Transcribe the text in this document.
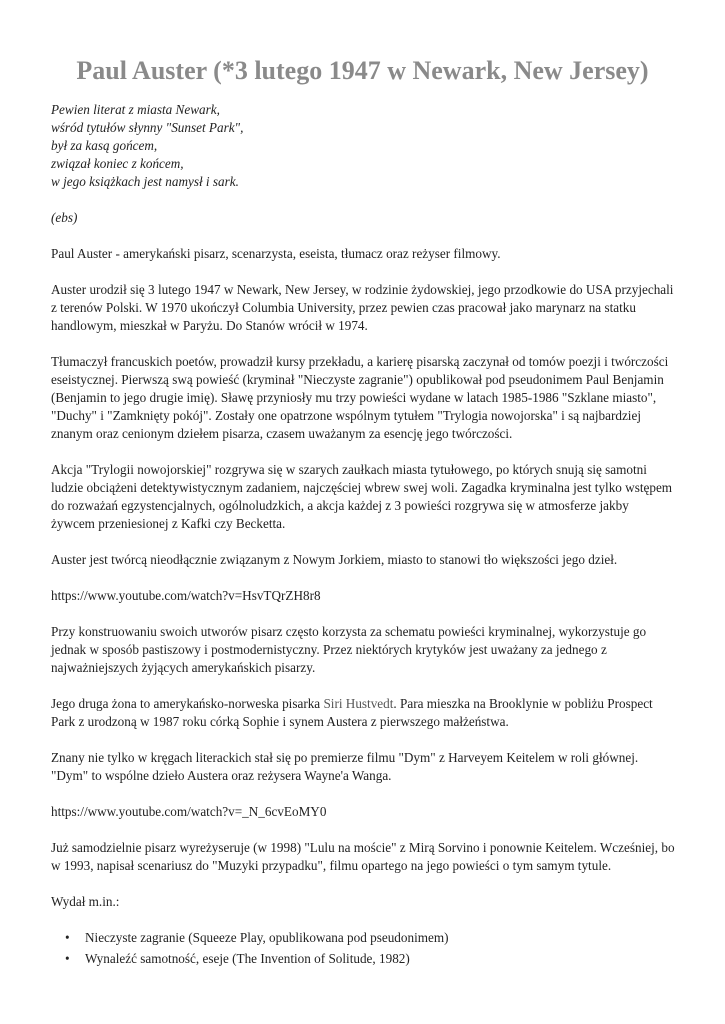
Paul Auster (*3 lutego 1947 w Newark, New Jersey)
Pewien literat z miasta Newark,
wśród tytułów słynny "Sunset Park",
był za kasą gońcem,
związał koniec z końcem,
w jego książkach jest namysł i sark.
(ebs)

Paul Auster - amerykański pisarz, scenarzysta, eseista, tłumacz oraz reżyser filmowy.

Auster urodził się 3 lutego 1947 w Newark, New Jersey, w rodzinie żydowskiej, jego przodkowie do USA przyjechali z terenów Polski. W 1970 ukończył Columbia University, przez pewien czas pracował jako marynarz na statku handlowym, mieszkał w Paryżu. Do Stanów wrócił w 1974.

Tłumaczył francuskich poetów, prowadził kursy przekładu, a karierę pisarską zaczynał od tomów poezji i twórczości eseistycznej. Pierwszą swą powieść (kryminał "Nieczyste zagranie") opublikował pod pseudonimem Paul Benjamin (Benjamin to jego drugie imię). Sławę przyniosły mu trzy powieści wydane w latach 1985-1986 "Szklane miasto", "Duchy" i "Zamknięty pokój". Zostały one opatrzone wspólnym tytułem "Trylogia nowojorska" i są najbardziej znanym oraz cenionym dziełem pisarza, czasem uważanym za esencję jego twórczości.

Akcja "Trylogii nowojorskiej" rozgrywa się w szarych zaułkach miasta tytułowego, po których snują się samotni ludzie obciążeni detektywistycznym zadaniem, najczęściej wbrew swej woli. Zagadka kryminalna jest tylko wstępem do rozważań egzystencjalnych, ogólnoludzkich, a akcja każdej z 3 powieści rozgrywa się w atmosferze jakby żywcem przeniesionej z Kafki czy Becketta.

Auster jest twórcą nieodłącznie związanym z Nowym Jorkiem, miasto to stanowi tło większości jego dzieł.

https://www.youtube.com/watch?v=HsvTQrZH8r8

Przy konstruowaniu swoich utworów pisarz często korzysta za schematu powieści kryminalnej, wykorzystuje go jednak w sposób pastiszowy i postmodernistyczny. Przez niektórych krytyków jest uważany za jednego z najważniejszych żyjących amerykańskich pisarzy.

Jego druga żona to amerykańsko-norweska pisarka Siri Hustvedt. Para mieszka na Brooklynie w pobliżu Prospect Park z urodzoną w 1987 roku córką Sophie i synem Austera z pierwszego małżeństwa.

Znany nie tylko w kręgach literackich stał się po premierze filmu "Dym" z Harveyem Keitelem w roli głównej. "Dym" to wspólne dzieło Austera oraz reżysera Wayne'a Wanga.

https://www.youtube.com/watch?v=_N_6cvEoMY0

Już samodzielnie pisarz wyreżyseruje (w 1998) "Lulu na moście" z Mirą Sorvino i ponownie Keitelem. Wcześniej, bo w 1993, napisał scenariusz do "Muzyki przypadku", filmu opartego na jego powieści o tym samym tytule.

Wydał m.in.:

• Nieczyste zagranie (Squeeze Play, opublikowana pod pseudonimem)
• Wynaleźć samotność, eseje (The Invention of Solitude, 1982)
